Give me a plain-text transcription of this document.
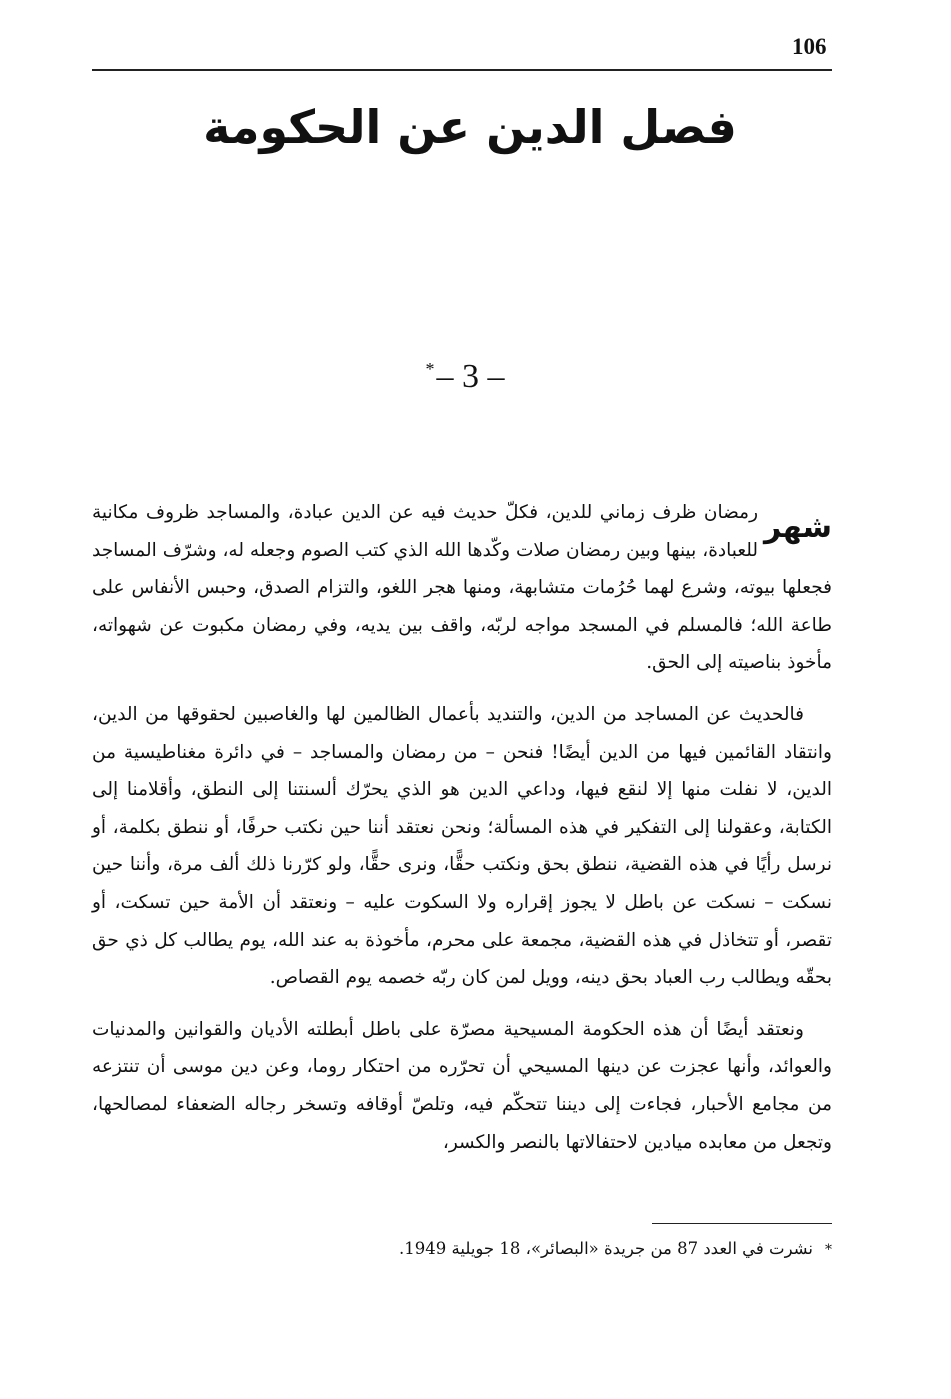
106
فصل الدين عن الحكومة
*– 3 –

شهر
رمضان ظرف زماني للدين، فكلّ حديث فيه عن الدين عبادة، والمساجد ظروف مكانية للعبادة، بينها وبين رمضان صلات وكّدها الله الذي كتب الصوم وجعله له، وشرّف المساجد فجعلها بيوته، وشرع لهما حُرُمات متشابهة، ومنها هجر اللغو، والتزام الصدق، وحبس الأنفاس على طاعة الله؛ فالمسلم في المسجد مواجه لربّه، واقف بين يديه، وفي رمضان مكبوت عن شهواته، مأخوذ بناصيته إلى الحق.

فالحديث عن المساجد من الدين، والتنديد بأعمال الظالمين لها والغاصبين لحقوقها من الدين، وانتقاد القائمين فيها من الدين أيضًا! فنحن – من رمضان والمساجد – في دائرة مغناطيسية من الدين، لا نفلت منها إلا لنقع فيها، وداعي الدين هو الذي يحرّك ألسنتنا إلى النطق، وأقلامنا إلى الكتابة، وعقولنا إلى التفكير في هذه المسألة؛ ونحن نعتقد أننا حين نكتب حرفًا، أو ننطق بكلمة، أو نرسل رأيًا في هذه القضية، ننطق بحق ونكتب حقًّا، ونرى حقًّا، ولو كرّرنا ذلك ألف مرة، وأننا حين نسكت – نسكت عن باطل لا يجوز إقراره ولا السكوت عليه – ونعتقد أن الأمة حين تسكت، أو تقصر، أو تتخاذل في هذه القضية، مجمعة على محرم، مأخوذة به عند الله، يوم يطالب كل ذي حق بحقّه ويطالب رب العباد بحق دينه، وويل لمن كان ربّه خصمه يوم القصاص.

ونعتقد أيضًا أن هذه الحكومة المسيحية مصرّة على باطل أبطلته الأديان والقوانين والمدنيات والعوائد، وأنها عجزت عن دينها المسيحي أن تحرّره من احتكار روما، وعن دين موسى أن تنتزعه من مجامع الأحبار، فجاءت إلى ديننا تتحكّم فيه، وتلصّ أوقافه وتسخر رجاله الضعفاء لمصالحها، وتجعل من معابده ميادين لاحتفالاتها بالنصر والكسر،

*نشرت في العدد 87 من جريدة «البصائر»، 18 جويلية 1949.
